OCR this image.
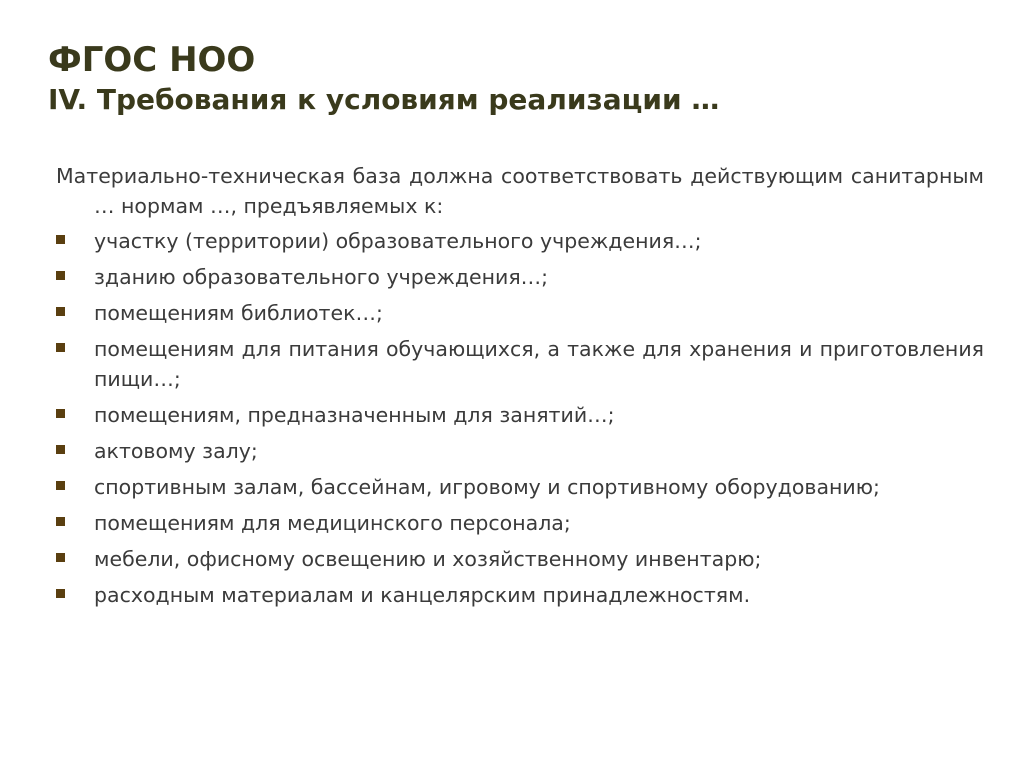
ФГОС НОО
IV. Требования к условиям реализации …

Материально-техническая база должна соответствовать действующим санитарным … нормам …, предъявляемых к:

участку (территории) образовательного учреждения…;
зданию образовательного учреждения…;
помещениям библиотек…;
помещениям для питания обучающихся, а также для хранения и приготовления пищи…;
помещениям, предназначенным для занятий…;
актовому залу;
спортивным залам, бассейнам, игровому и спортивному оборудованию;
помещениям для медицинского персонала;
мебели, офисному освещению и хозяйственному инвентарю;
расходным материалам и канцелярским принадлежностям.
